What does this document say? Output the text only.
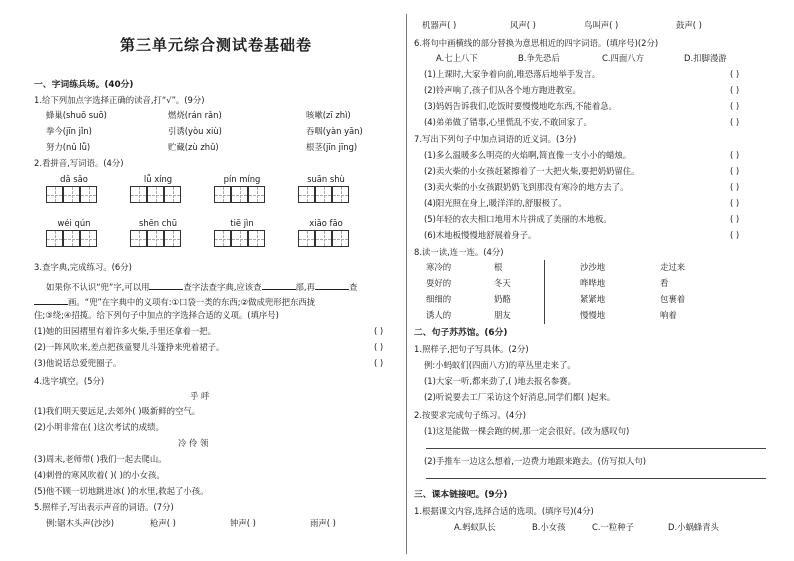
第三单元综合测试卷基础卷
一、字词练兵场。(40分)
1.给下列加点字选择正确的读音,打“√”。(9分)
蜂巢(shuō suō)	燃烧(rán rǎn)	咳嗽(zī zhì)
拳今(jīn jǐn)	引诱(yòu xiù)	吞咽(yàn yān)
努力(nǔ lǚ)	贮藏(zù zhǔ)	根茎(jīn jīng)
2.看拼音,写词语。(4分)
dǎ sǎo	lǚ xíng	pín míng	suān shù
wéi qún	shēn chū	tiē jìn	xiāo fāo
3.查字典,完成练习。(6分)
如果你不认识“兜”字,可以用	查字法查字典,应该查	部,再	查
画。“兜”在字典中的义项有:①口袋一类的东西;②做成兜形把东西拢
住;③绕;④招揽。给下列句子中加点的字选择合适的义项。(填序号)
(1)她的田园褶里有着许多火柴,手里还拿着一把。	( )
(2)一阵风吹来,差点把孩童婴儿斗篷挣来兜着裙子。	( )
(3)他说话总爱兜圈子。	( )
4.选字填空。(5分)
乎 呼
(1)我们明天要远足,去郊外( )吸新鲜的空气。
(2)小明非常在( )这次考试的成绩。
冷 伶 领
(3)周末,老师带( )我们一起去爬山。
(4)刺骨的寒风吹着( )( )的小女孩。
(5)他不顾一切地跳进冰( )的水里,救起了小孩。
5.照样子,写出表示声音的词语。(7分)
例:锯木头声(沙沙)	枪声( )	钟声( )	雨声( )
机器声( )	风声( )	鸟叫声( )	鼓声( )
6.将句中画横线的部分替换为意思相近的四字词语。(填序号)(2分)
A.七上八下	B.争先恐后	C.四面八方	D.扣脚漫游
(1)上课时,大家争着向前,唯恐落后地举手发言。	( )
(2)铃声响了,孩子们从各个地方跑进教室。	( )
(3)妈妈告诉我们,吃饭时要慢慢地吃东西,不能着急。	( )
(4)弟弟做了错事,心里慌乱不安,不敢回家了。	( )
7.写出下列句子中加点词语的近义词。(3分)
(1)多么温暖多么明亮的火焰啊,简直像一支小小的蜡烛。	( )
(2)卖火柴的小女孩赶紧擦着了一大把火柴,要把奶奶留住。	( )
(3)卖火柴的小女孩跟奶奶飞到那没有寒冷的地方去了。	( )
(4)阳光照在身上,暖洋洋的,舒服极了。	( )
(5)年轻的农夫相口地用木片拼成了美丽的木地板。	( )
(6)木地板慢慢地舒展着身子。	( )
8.读一读,连一连。(4分)
寒冷的
耍好的
细细的
诱人的
根
冬天
奶酪
朋友
沙沙地
哗哗地
紧紧地
慢慢地
走过来
看
包裹着
响着
二、句子苏苏馆。(6分)
1.照样子,把句子写具体。(2分)
例:小蚂蚁们(四面八方)的草丛里走来了。
(1)大家一听,都来劲了,( )地去报名参赛。
(2)听说要去工厂采访这个好消息,同学们都( )起来。
2.按要求完成句子练习。(4分)
(1)这是能做一棵会跑的树,那一定会很好。(改为感叹句)
(2)手推车一边这么想着,一边费力地跟来跑去。(仿写拟人句)
三、课本链接吧。(9分)
1.根据课文内容,选择合适的选项。(填序号)(4分)
A.蚂蚁队长	B.小女孩	C.一粒种子	D.小蜗蜂青头
